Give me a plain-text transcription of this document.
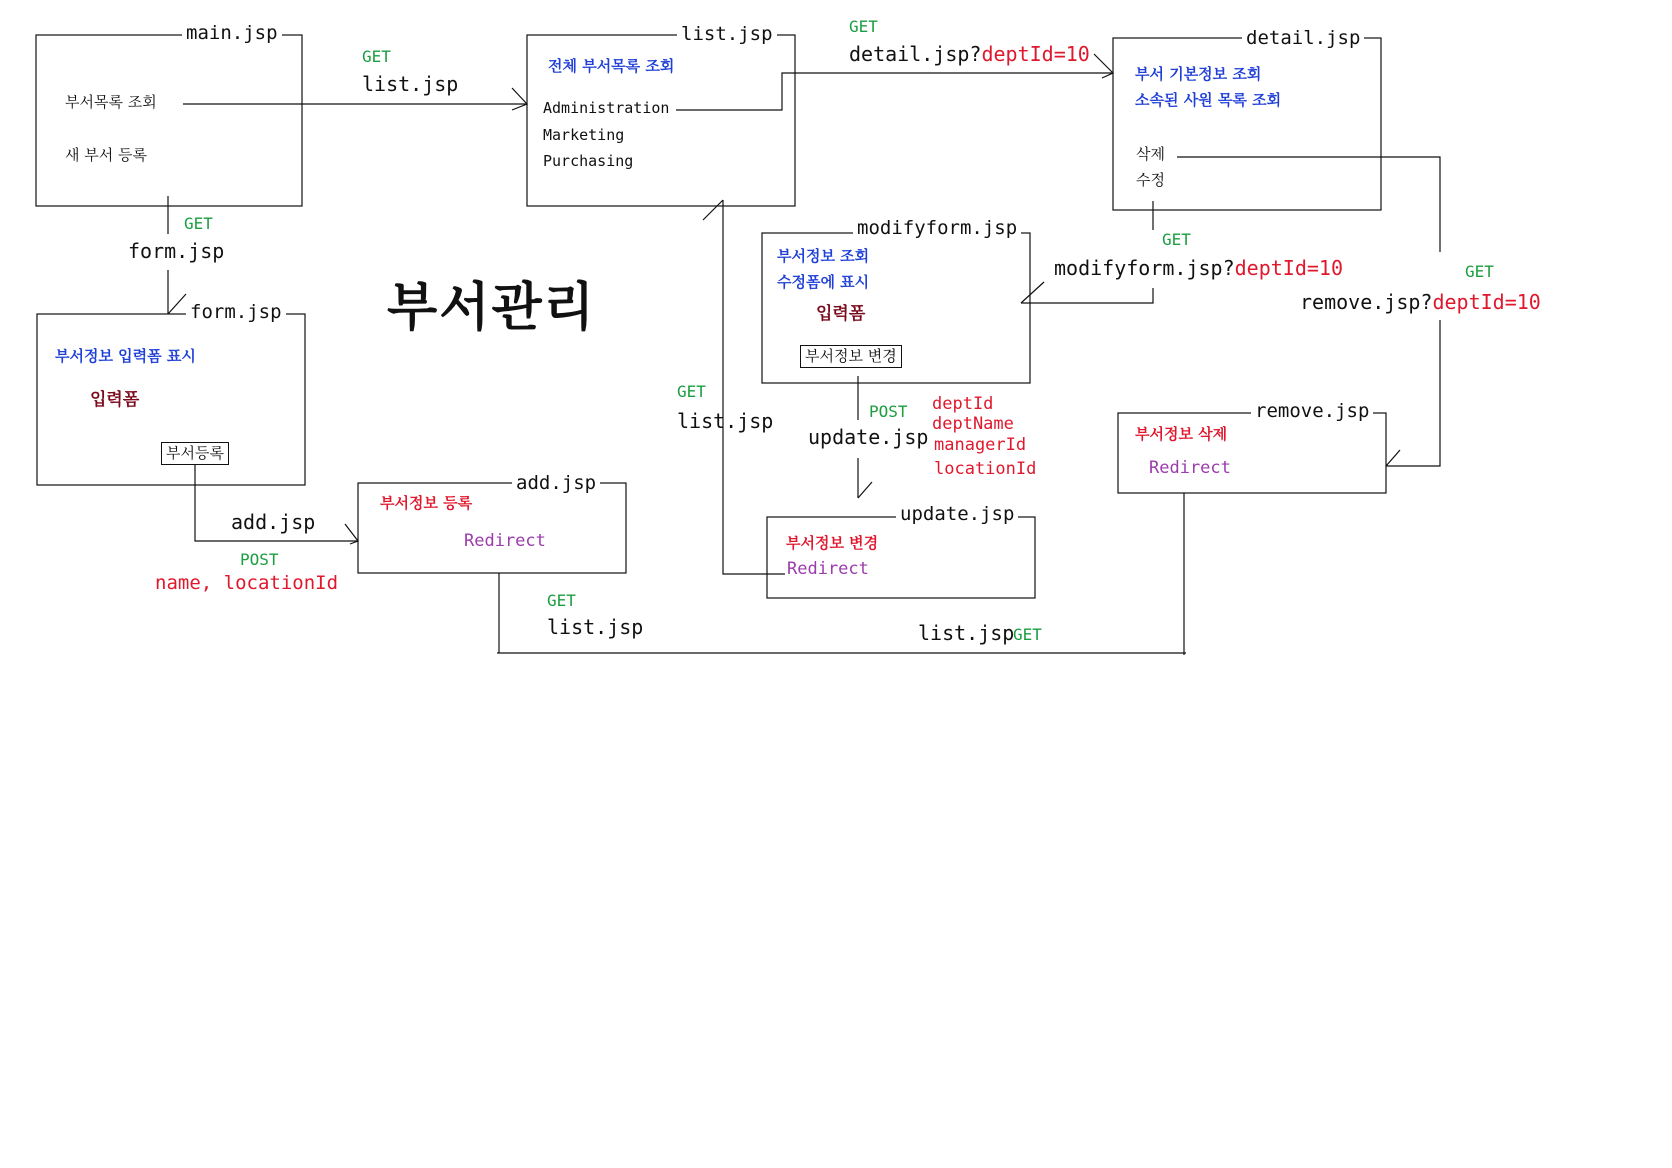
부서관리
main.jsp
부서목록 조회
새 부서 등록
list.jsp
전체 부서목록 조회
Administration
Marketing
Purchasing
detail.jsp
부서 기본정보 조회
소속된 사원 목록 조회
삭제
수정
form.jsp
부서정보 입력폼 표시
입력폼
부서등록
add.jsp
부서정보 등록
Redirect
modifyform.jsp
부서정보 조회
수정폼에 표시
입력폼
부서정보 변경
update.jsp
부서정보 변경
Redirect
remove.jsp
부서정보 삭제
Redirect
GET
list.jsp
GET
detail.jsp?deptId=10
GET
form.jsp	GET
modifyform.jsp?deptId=10	GET
remove.jsp?deptId=10
GET
list.jsp	POST
update.jsp
deptId
deptName
managerId
locationId
add.jsp
POST
name, locationId
GET
list.jsp	list.jsp
GET
